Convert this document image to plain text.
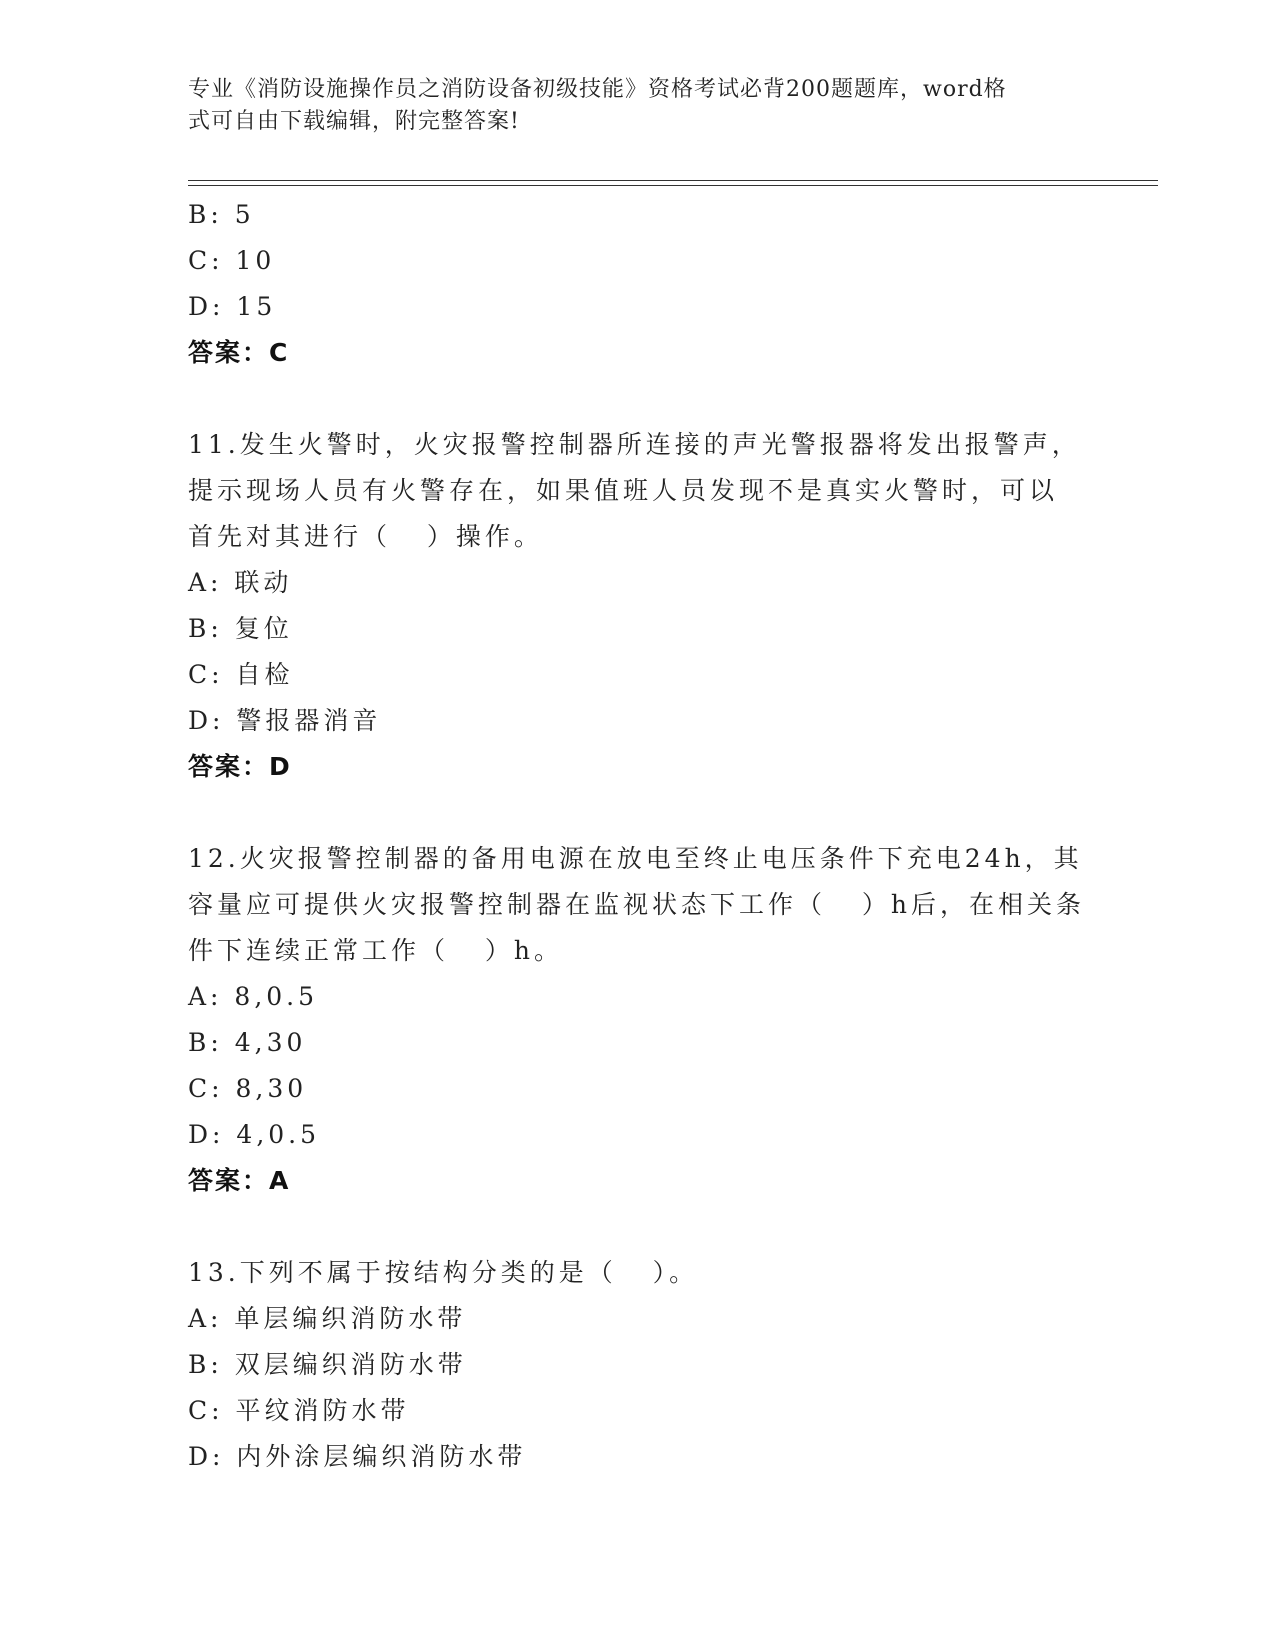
专业《消防设施操作员之消防设备初级技能》资格考试必背200题题库，word格
式可自由下载编辑，附完整答案!
B: 5
C: 10
D: 15
答案：C
11.发生火警时，火灾报警控制器所连接的声光警报器将发出报警声，
提示现场人员有火警存在，如果值班人员发现不是真实火警时，可以
首先对其进行（   ）操作。
A: 联动
B: 复位
C: 自检
D: 警报器消音
答案：D
12.火灾报警控制器的备用电源在放电至终止电压条件下充电24h，其
容量应可提供火灾报警控制器在监视状态下工作（   ）h后，在相关条
件下连续正常工作（   ）h。
A: 8,0.5
B: 4,30
C: 8,30
D: 4,0.5
答案：A
13.下列不属于按结构分类的是（   ）。
A: 单层编织消防水带
B: 双层编织消防水带
C: 平纹消防水带
D: 内外涂层编织消防水带
